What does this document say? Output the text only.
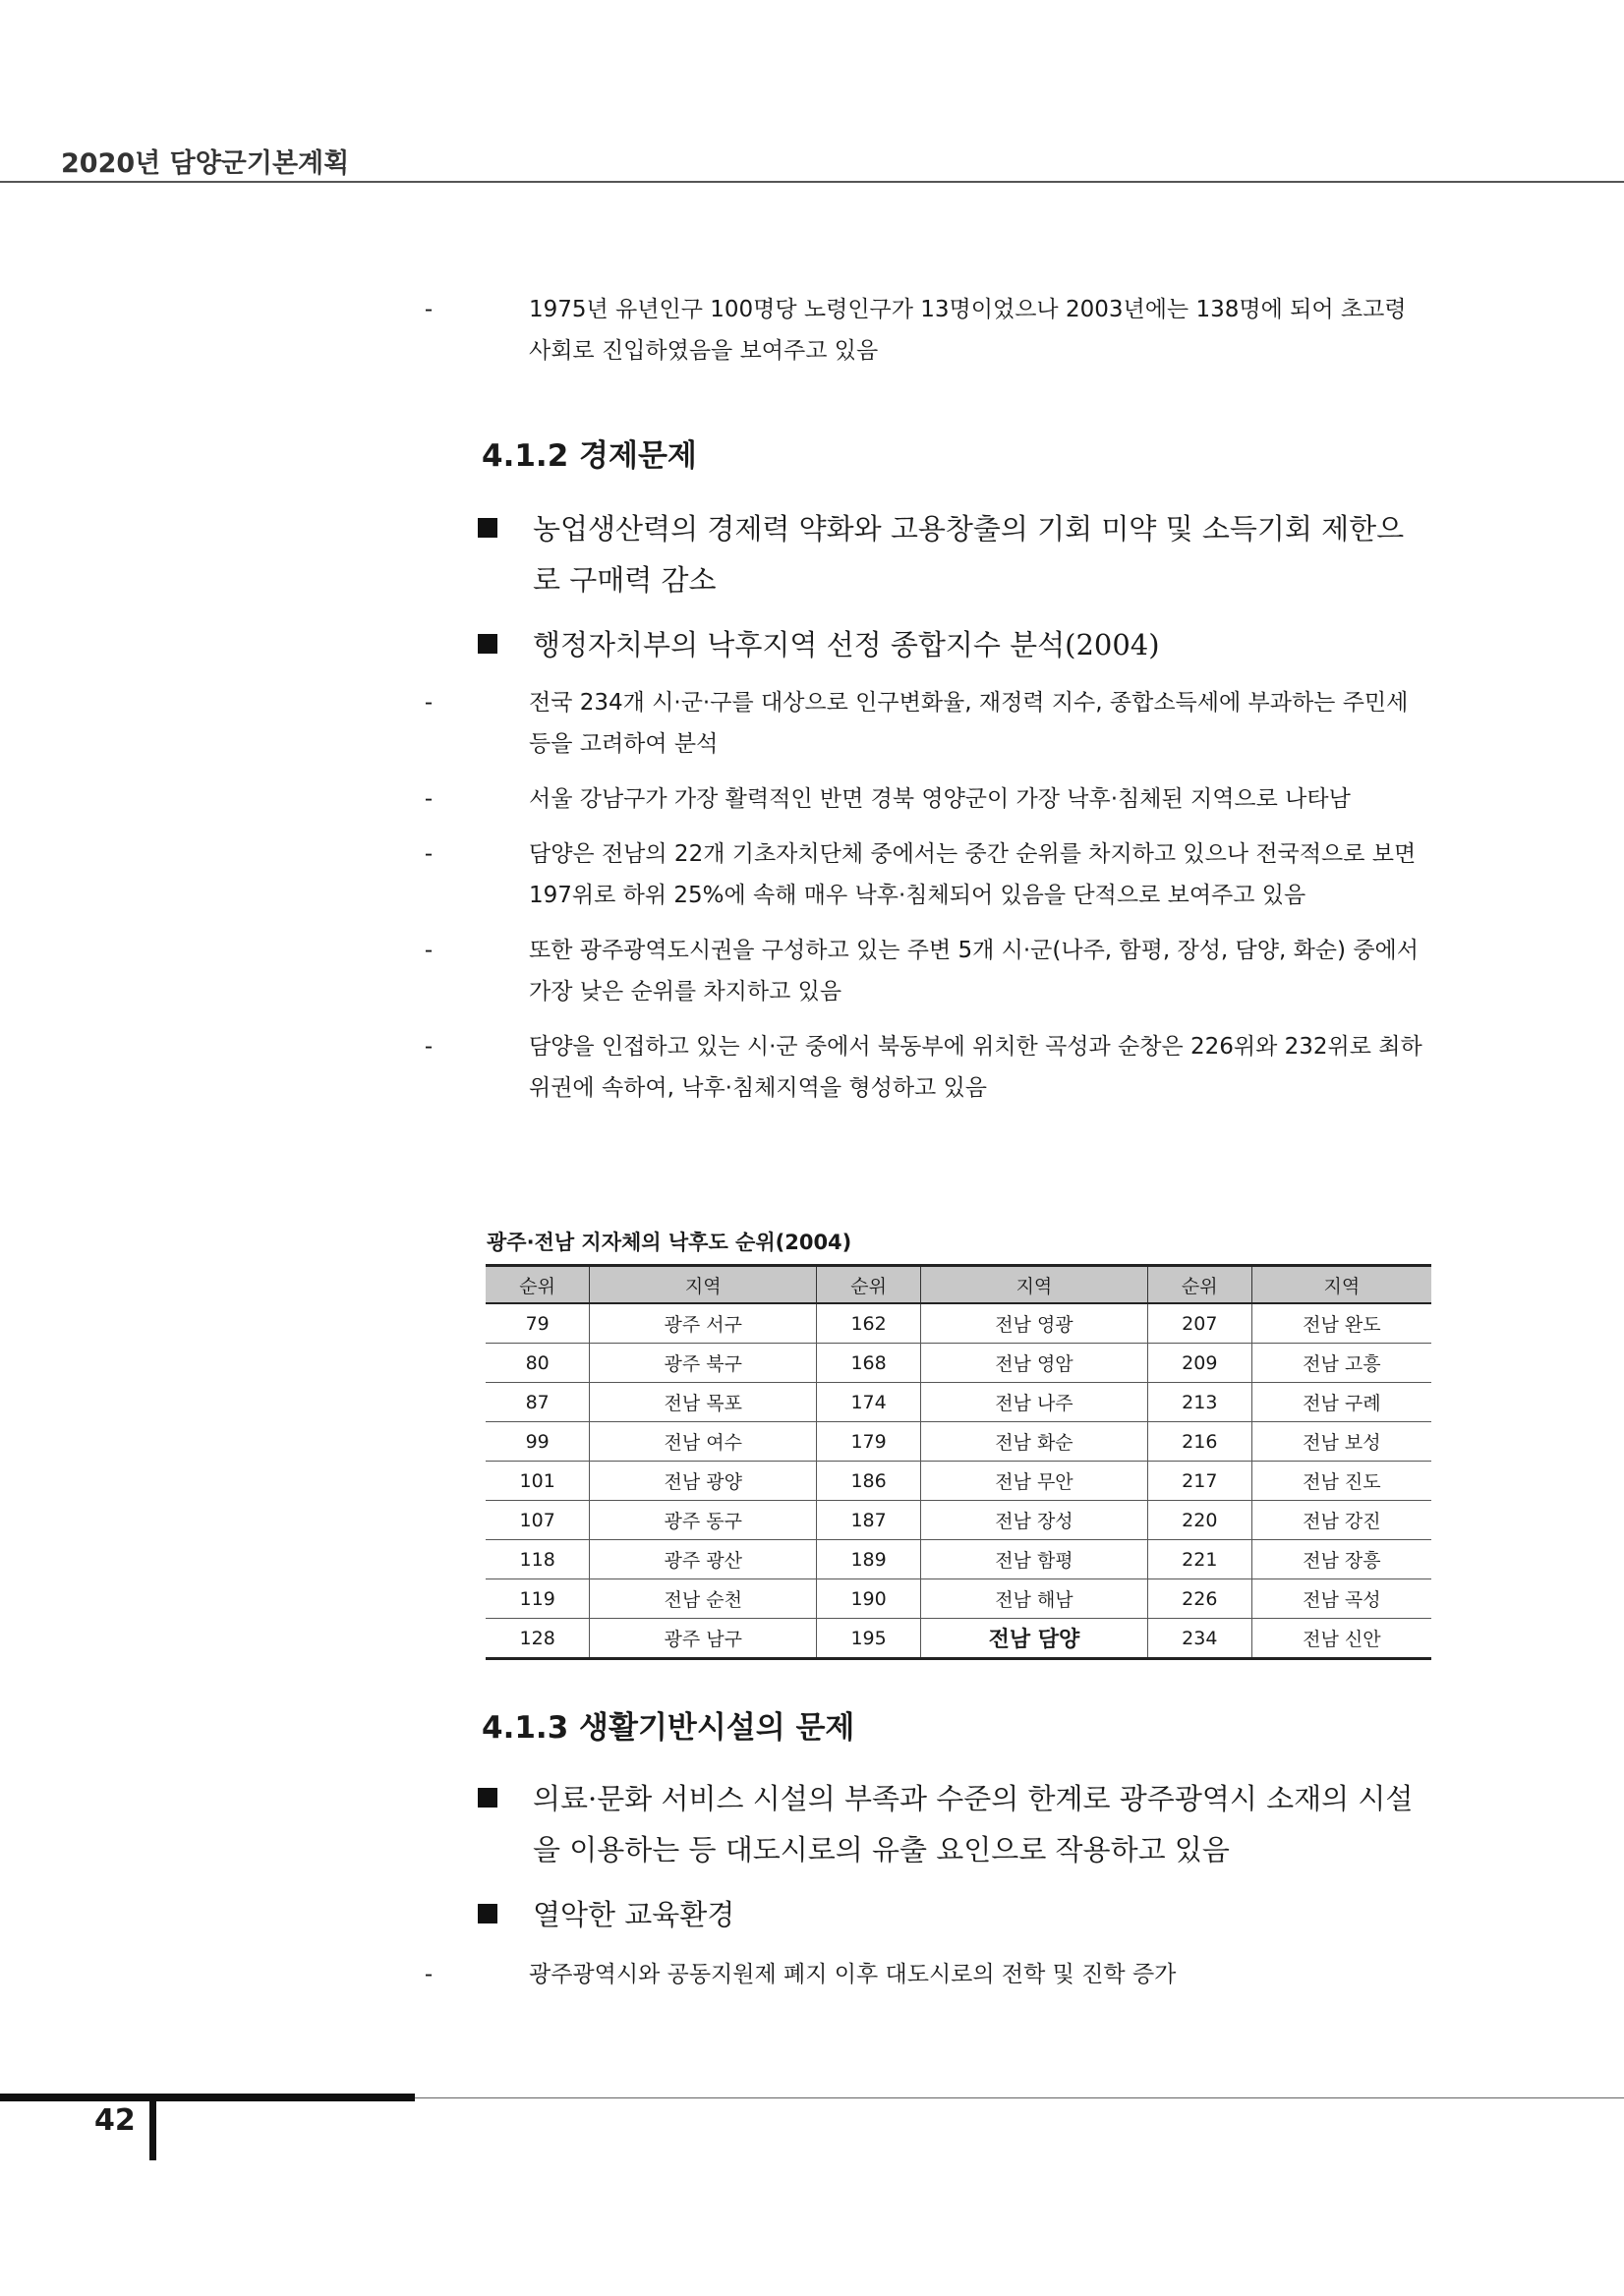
2020년 담양군기본계획
-	1975년 유년인구 100명당 노령인구가 13명이었으나 2003년에는 138명에 되어 초고령 사회로 진입하였음을 보여주고 있음
4.1.2 경제문제
농업생산력의 경제력 약화와 고용창출의 기회 미약 및 소득기회 제한으로 구매력 감소
행정자치부의 낙후지역 선정 종합지수 분석(2004)
-	전국 234개 시·군·구를 대상으로 인구변화율, 재정력 지수, 종합소득세에 부과하는 주민세 등을 고려하여 분석
-	서울 강남구가 가장 활력적인 반면 경북 영양군이 가장 낙후·침체된 지역으로 나타남
-	담양은 전남의 22개 기초자치단체 중에서는 중간 순위를 차지하고 있으나 전국적으로 보면 197위로 하위 25%에 속해 매우 낙후·침체되어 있음을 단적으로 보여주고 있음
-	또한 광주광역도시권을 구성하고 있는 주변 5개 시·군(나주, 함평, 장성, 담양, 화순) 중에서 가장 낮은 순위를 차지하고 있음
-	담양을 인접하고 있는 시·군 중에서 북동부에 위치한 곡성과 순창은 226위와 232위로 최하위권에 속하여, 낙후·침체지역을 형성하고 있음
광주·전남 지자체의 낙후도 순위(2004)
순위	지역	순위	지역	순위	지역
79	광주 서구	162	전남 영광	207	전남 완도
80	광주 북구	168	전남 영암	209	전남 고흥
87	전남 목포	174	전남 나주	213	전남 구례
99	전남 여수	179	전남 화순	216	전남 보성
101	전남 광양	186	전남 무안	217	전남 진도
107	광주 동구	187	전남 장성	220	전남 강진
118	광주 광산	189	전남 함평	221	전남 장흥
119	전남 순천	190	전남 해남	226	전남 곡성
128	광주 남구	195	전남 담양	234	전남 신안
4.1.3 생활기반시설의 문제
의료·문화 서비스 시설의 부족과 수준의 한계로 광주광역시 소재의 시설을 이용하는 등 대도시로의 유출 요인으로 작용하고 있음
열악한 교육환경
-	광주광역시와 공동지원제 폐지 이후 대도시로의 전학 및 진학 증가
42
